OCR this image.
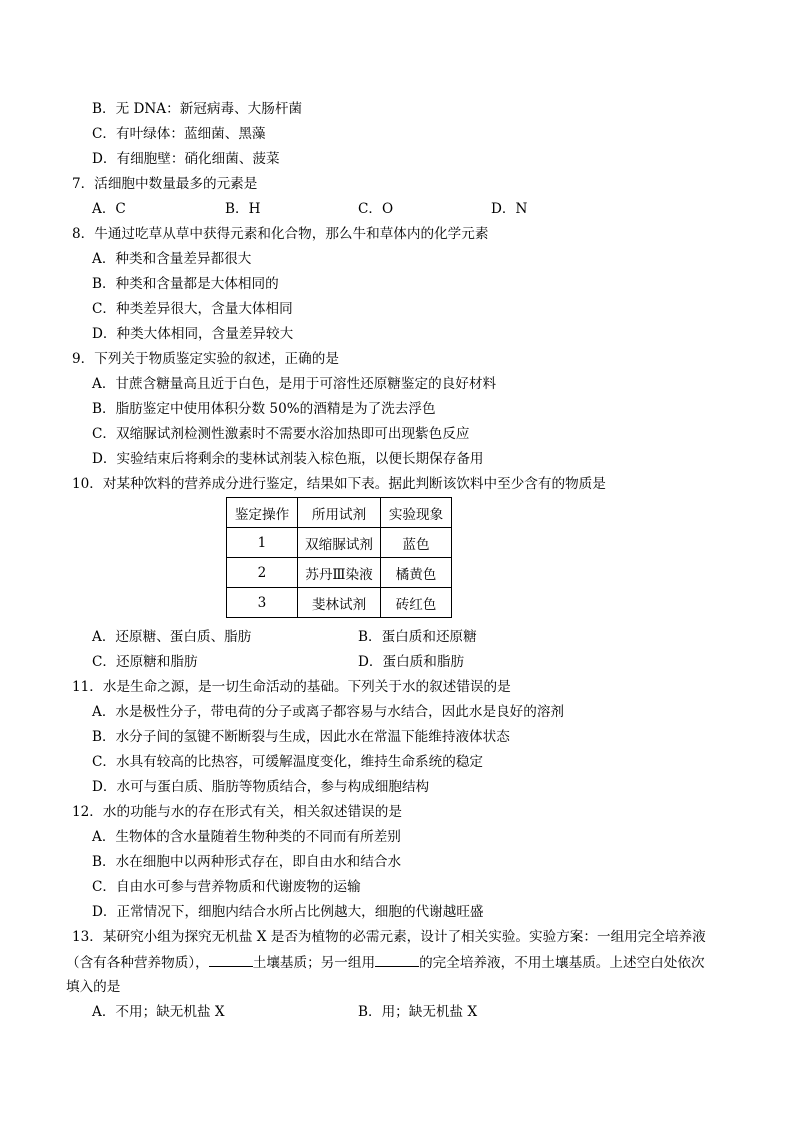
B．无 DNA：新冠病毒、大肠杆菌
C．有叶绿体：蓝细菌、黑藻
D．有细胞壁：硝化细菌、菠菜
7．活细胞中数量最多的元素是
A．C	B．H	C．O	D．N
8．牛通过吃草从草中获得元素和化合物，那么牛和草体内的化学元素
A．种类和含量差异都很大
B．种类和含量都是大体相同的
C．种类差异很大，含量大体相同
D．种类大体相同，含量差异较大
9．下列关于物质鉴定实验的叙述，正确的是
A．甘蔗含糖量高且近于白色，是用于可溶性还原糖鉴定的良好材料
B．脂肪鉴定中使用体积分数 50%的酒精是为了洗去浮色
C．双缩脲试剂检测性激素时不需要水浴加热即可出现紫色反应
D．实验结束后将剩余的斐林试剂装入棕色瓶，以便长期保存备用
10．对某种饮料的营养成分进行鉴定，结果如下表。据此判断该饮料中至少含有的物质是
鉴定操作	所用试剂	实验现象
1	双缩脲试剂	蓝色
2	苏丹Ⅲ染液	橘黄色
3	斐林试剂	砖红色
A．还原糖、蛋白质、脂肪	B．蛋白质和还原糖
C．还原糖和脂肪	D．蛋白质和脂肪
11．水是生命之源，是一切生命活动的基础。下列关于水的叙述错误的是
A．水是极性分子，带电荷的分子或离子都容易与水结合，因此水是良好的溶剂
B．水分子间的氢键不断断裂与生成，因此水在常温下能维持液体状态
C．水具有较高的比热容，可缓解温度变化，维持生命系统的稳定
D．水可与蛋白质、脂肪等物质结合，参与构成细胞结构
12．水的功能与水的存在形式有关，相关叙述错误的是
A．生物体的含水量随着生物种类的不同而有所差别
B．水在细胞中以两种形式存在，即自由水和结合水
C．自由水可参与营养物质和代谢废物的运输
D．正常情况下，细胞内结合水所占比例越大，细胞的代谢越旺盛
13．某研究小组为探究无机盐 X 是否为植物的必需元素，设计了相关实验。实验方案：一组用完全培养液
（含有各种营养物质），	土壤基质；另一组用	的完全培养液，不用土壤基质。上述空白处依次
填入的是
A．不用；缺无机盐 X	B．用；缺无机盐 X
